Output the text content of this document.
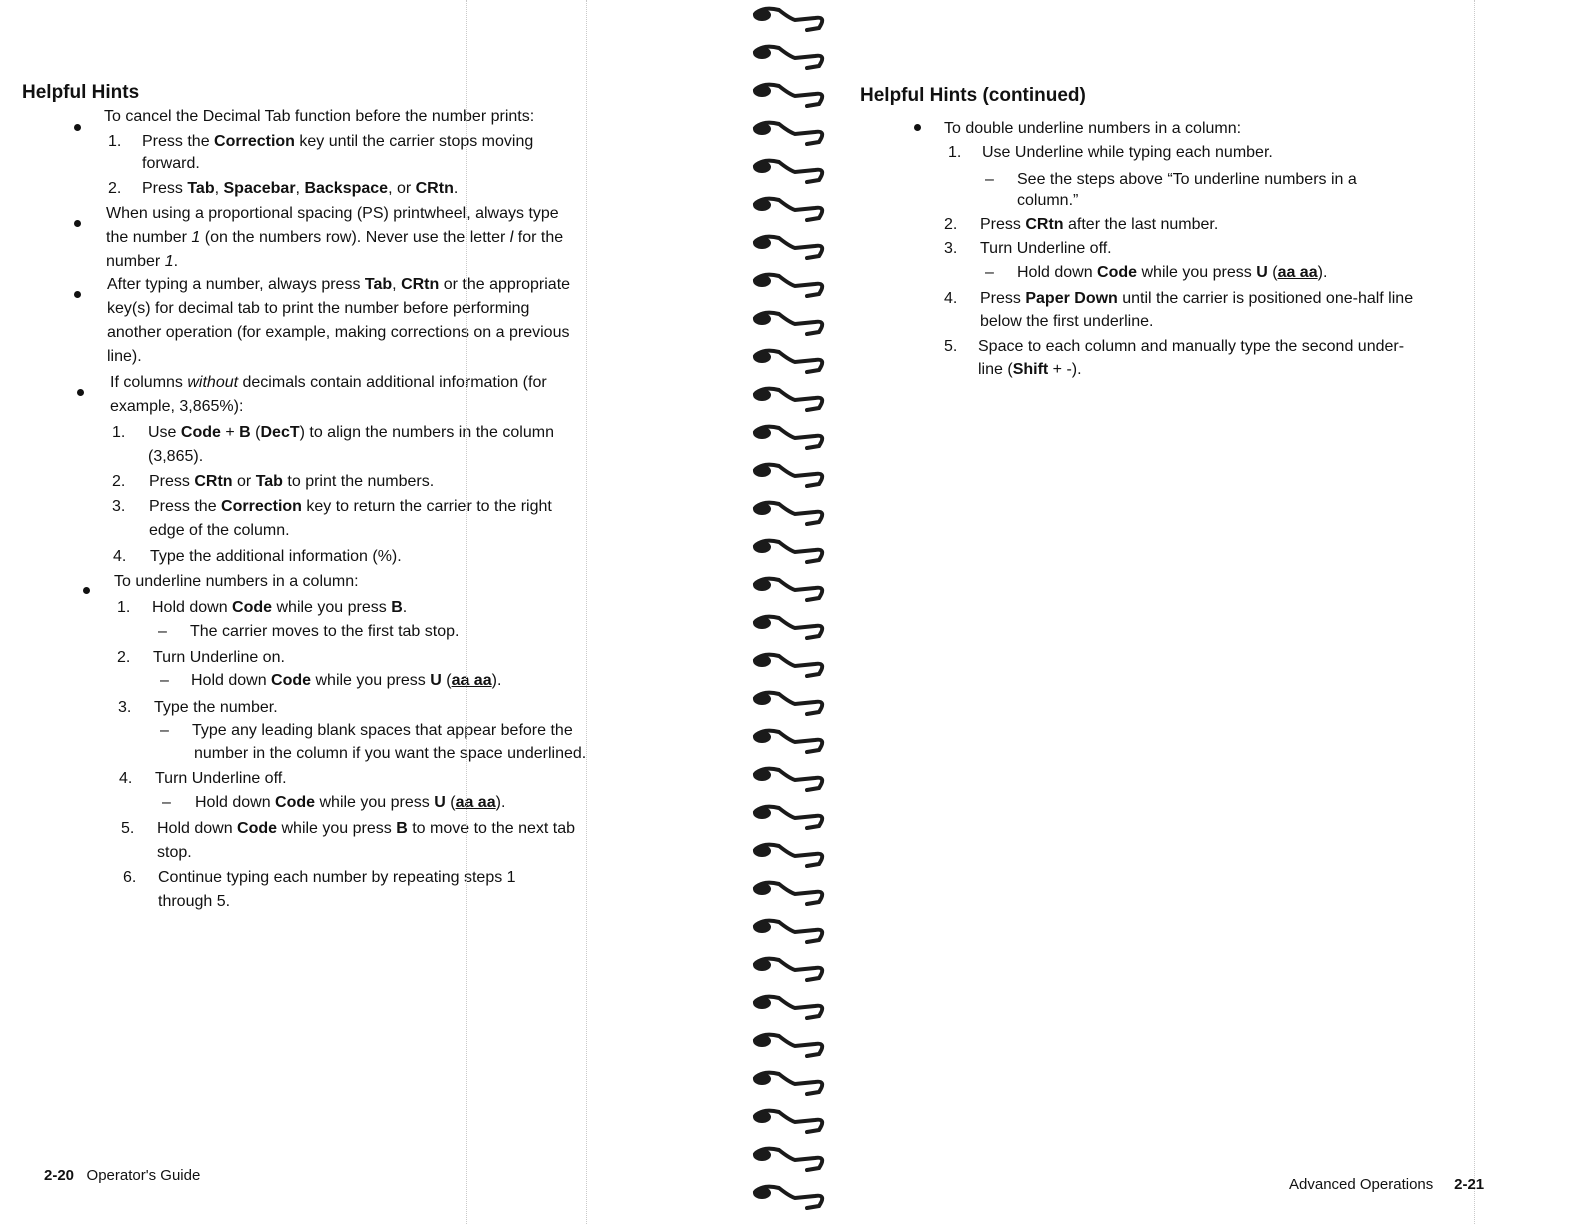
Helpful Hints
To cancel the Decimal Tab function before the number prints:
1. Press the Correction key until the carrier stops moving
forward.
2. Press Tab, Spacebar, Backspace, or CRtn.
When using a proportional spacing (PS) printwheel, always type
the number 1 (on the numbers row). Never use the letter l for the
number 1.
After typing a number, always press Tab, CRtn or the appropriate
key(s) for decimal tab to print the number before performing
another operation (for example, making corrections on a previous
line).
If columns without decimals contain additional information (for
example, 3,865%):
1. Use Code + B (DecT) to align the numbers in the column
(3,865).
2. Press CRtn or Tab to print the numbers.
3. Press the Correction key to return the carrier to the right
edge of the column.
4. Type the additional information (%).
To underline numbers in a column:
1. Hold down Code while you press B.
– The carrier moves to the first tab stop.
2. Turn Underline on.
– Hold down Code while you press U (aa aa).
3. Type the number.
– Type any leading blank spaces that appear before the
number in the column if you want the space underlined.
4. Turn Underline off.
– Hold down Code while you press U (aa aa).
5. Hold down Code while you press B to move to the next tab
stop.
6. Continue typing each number by repeating steps 1
through 5.
2-20 Operator's Guide
Helpful Hints (continued)
To double underline numbers in a column:
1. Use Underline while typing each number.
– See the steps above “To underline numbers in a
column.”
2. Press CRtn after the last number.
3. Turn Underline off.
– Hold down Code while you press U (aa aa).
4. Press Paper Down until the carrier is positioned one-half line
below the first underline.
5. Space to each column and manually type the second under-
line (Shift + -).
Advanced Operations 2-21
